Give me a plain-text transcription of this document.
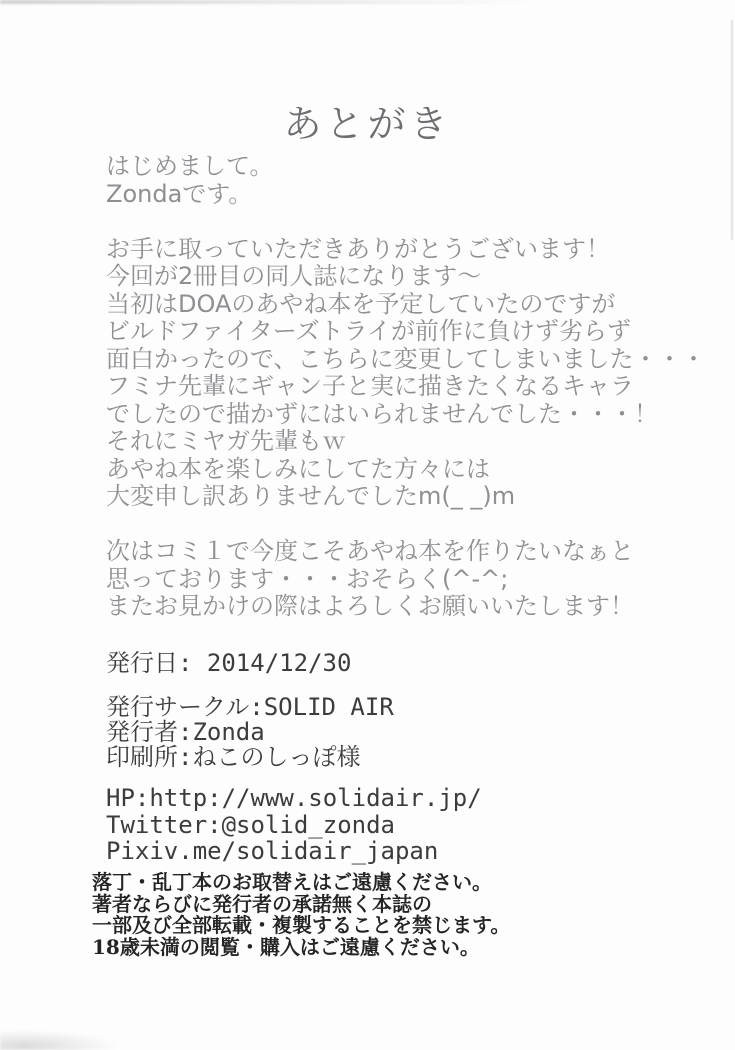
あとがき
はじめまして。
Zondaです。
お手に取っていただきありがとうございます！
今回が2冊目の同人誌になります～
当初はDOAのあやね本を予定していたのですが
ビルドファイターズトライが前作に負けず劣らず
面白かったので、こちらに変更してしまいました・・・
フミナ先輩にギャン子と実に描きたくなるキャラ
でしたので描かずにはいられませんでした・・・！
それにミヤガ先輩もｗ
あやね本を楽しみにしてた方々には
大変申し訳ありませんでしたm(_ _)m
次はコミ１で今度こそあやね本を作りたいなぁと
思っております・・・おそらく(^-^;
またお見かけの際はよろしくお願いいたします！
発行日: 2014/12/30
発行サークル:SOLID AIR
発行者:Zonda
印刷所:ねこのしっぽ様
HP:http://www.solidair.jp/
Twitter:@solid_zonda
Pixiv.me/solidair_japan
落丁・乱丁本のお取替えはご遠慮ください。
著者ならびに発行者の承諾無く本誌の
一部及び全部転載・複製することを禁じます。
18歳未満の閲覧・購入はご遠慮ください。
